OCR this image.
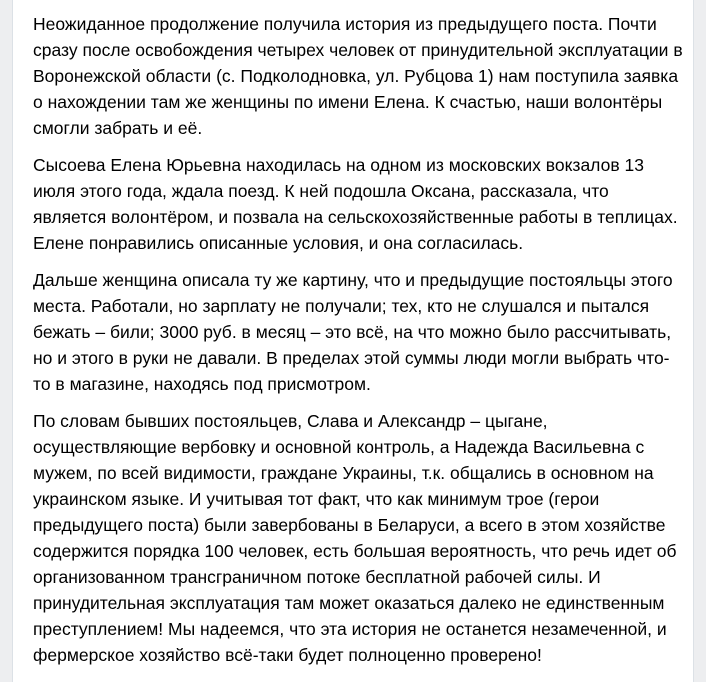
Неожиданное продолжение получила история из предыдущего поста. Почти сразу после освобождения четырех человек от принудительной эксплуатации в Воронежской области (с. Подколодновка, ул. Рубцова 1) нам поступила заявка о нахождении там же женщины по имени Елена. К счастью, наши волонтёры смогли забрать и её.

Сысоева Елена Юрьевна находилась на одном из московских вокзалов 13 июля этого года, ждала поезд. К ней подошла Оксана, рассказала, что является волонтёром, и позвала на сельскохозяйственные работы в теплицах. Елене понравились описанные условия, и она согласилась.

Дальше женщина описала ту же картину, что и предыдущие постояльцы этого места. Работали, но зарплату не получали; тех, кто не слушался и пытался бежать – били; 3000 руб. в месяц – это всё, на что можно было рассчитывать, но и этого в руки не давали. В пределах этой суммы люди могли выбрать что-то в магазине, находясь под присмотром.

По словам бывших постояльцев, Слава и Александр – цыгане, осуществляющие вербовку и основной контроль, а Надежда Васильевна с мужем, по всей видимости, граждане Украины, т.к. общались в основном на украинском языке. И учитывая тот факт, что как минимум трое (герои предыдущего поста) были завербованы в Беларуси, а всего в этом хозяйстве содержится порядка 100 человек, есть большая вероятность, что речь идет об организованном трансграничном потоке бесплатной рабочей силы. И принудительная эксплуатация там может оказаться далеко не единственным преступлением! Мы надеемся, что эта история не останется незамеченной, и фермерское хозяйство всё-таки будет полноценно проверено!
